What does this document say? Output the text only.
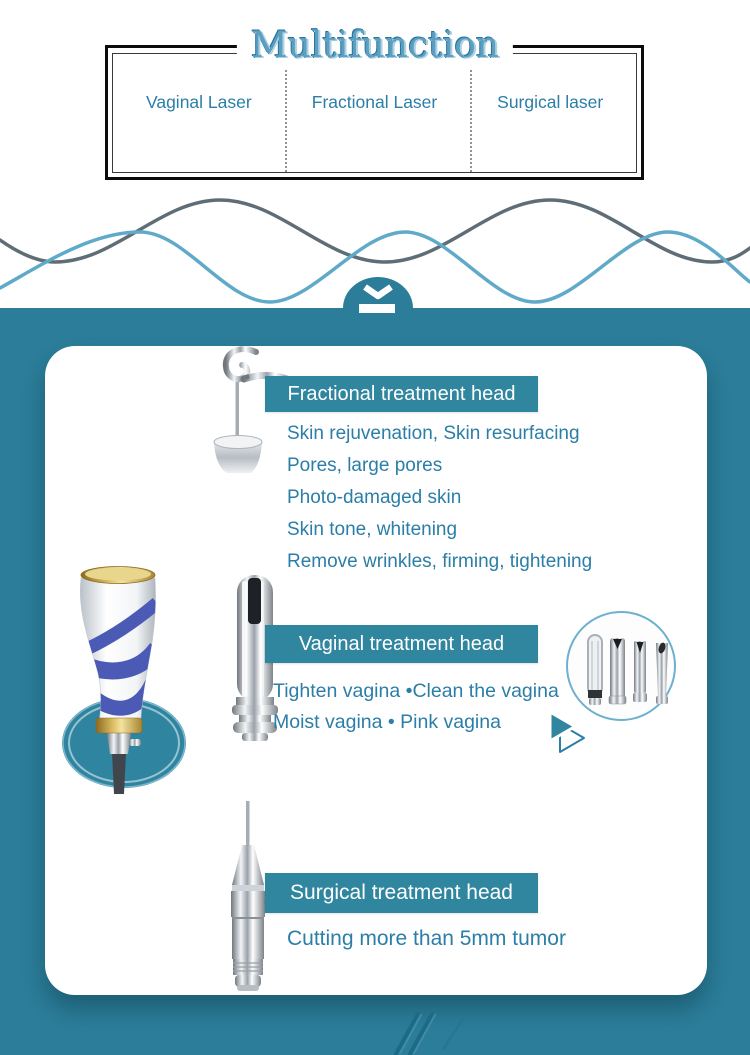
Multifunction
Vaginal Laser	Fractional Laser	Surgical laser
Fractional treatment head
Skin rejuvenation, Skin resurfacing
Pores, large pores
Photo-damaged skin
Skin tone, whitening
Remove wrinkles, firming, tightening
Vaginal treatment head
Tighten vagina •Clean the vagina
Moist vagina • Pink vagina
Surgical treatment head

Cutting more than 5mm tumor
